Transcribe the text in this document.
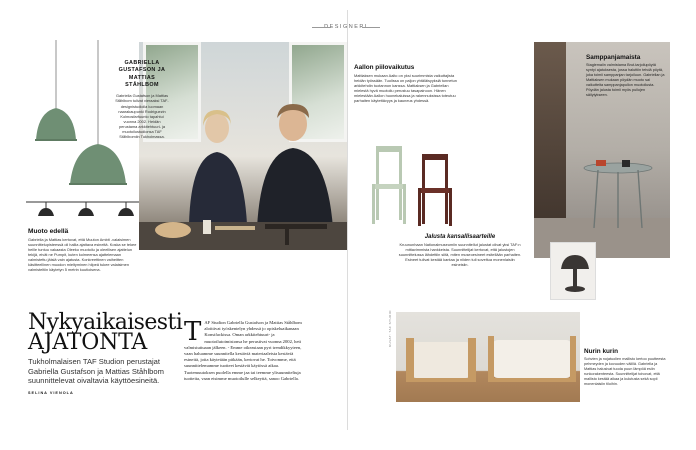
GABRIELLA GUSTAFSON JA MATTIAS STÅHLBOM

Gabriella Gustafson ja Mattias Ståhlbom tulivat vieraaksi TAF-designistudiolla luomaan naarakaupunki Rodriguezin Kolmosfarfuunto tapahtui vuonna 2002. Heidän perustama arkkitehtuuri- ja muotoilustudionsa TAF Ståhlbomiin Tukholmassa.

Muoto edellä

Gabriella ja Mattias kertovat, että Muuton Ambit -valaisimen suunnittelupisteessä oli hallia ajattava esineitä. Koska se tekee heille tuntuu vakaasta Oleeko muotoilu ja oleellisen ajattelun tekijä, eivät ne Pumpit, kuten kolmeensa ajattelemaan valmistettu jäisiä vain ajatusta. Konkreettinen vaiheitten käsitteellinen muodon mieltyminen hilpeä tukee valaisimen valmisteltiin käytetyn 5 metrin kuutioisena.

Nykyaikaisesti
AJATONTA

Tukholmalaisen TAF Studion perustajat Gabriella Gustafson ja Mattias Ståhlbom suunnittelevat oivaltavia käyttöesineitä.

SELINA VIENOLA

T AF Studion Gabriella Gustafson ja Mattias Ståhlbom aloittivat työskentelyn yhdessä jo opiskeluaikanaan Konstfackissa. Oman arkkitehtuuri- ja muotoilutoimistonsa he perustivat vuonna 2002, heti valmistuttuaan jälkeen. - Emme oikeastaan pyri trendikkyyteen, vaan haluamme suunnitella kestäviä materiaaleista kestäviä esineitä, joita käytetään pitkään, kertovat he. Toivomme, että suunnittelemamme tuotteet kestävät käytössä aikaa. Tuotemuutoksen puolella emme jaa tai teemme ylisuunniteltuja tuotteita, vaan etsimme muotoilulle selkeyttä, sanoo Gabriella.

Aallon piilovaikutus

Mattiaksen mukaan Aalto on yksi suurimmista vaikuttajista heidän työssään. Tuolissa on paljon yhtäläisyyksiä tunnetun arkkitehdin tuotannon kanssa. Mattiaksen ja Gabriellan mielestä hyvä muotoilu perustuu tasapainoon. Hänen mielestään Aallon huonekaluissa ja rakennuksissa toteutuu parhaiten käytettävyys ja kauneus yhdessä.

Jalusta kansallisaarteille

Kruununhaan Nationalmuseumiin suunnitellut jalustat olivat yksi TAF:n mittavimmista hankkeista. Suunnittelijat kertovat, että jalustojen suunnittelussa lähdettiin siitä, miten museoesineet esitellään parhaiten. Esineet tulivat kestää kantaa ja niiden tuli soveltua monenlaisiin esineisiin.

Samppanjamaista

Staglemaiin valmistama Brut-tarjoilupöytä syntyi ajatuksesta, jossa haluttiin tehdä pöytä, joka toimii samppanjan tarjoiluun. Gabriellan ja Mattiaksen mukaan pöydän muoto sai vaikutteita samppanjapullon muotoilusta. Pöydän jalusta toimii myös pullojen säilytykseen.

KUVAT: TAF STUDIO
Nurin kurin

Sohvien ja nojatuolien mallisto kertoo puutteesta pehmeyden ja kovuuden välillä. Gabriella ja Mattias halusivat tuoda puun lämpöä esiin runkorakenteesta. Suunnittelijat toivovat, että mallisto kestää aikaa ja kulutusta sekä sopii monenlaisiin tiloihin.

DESIGNERI
